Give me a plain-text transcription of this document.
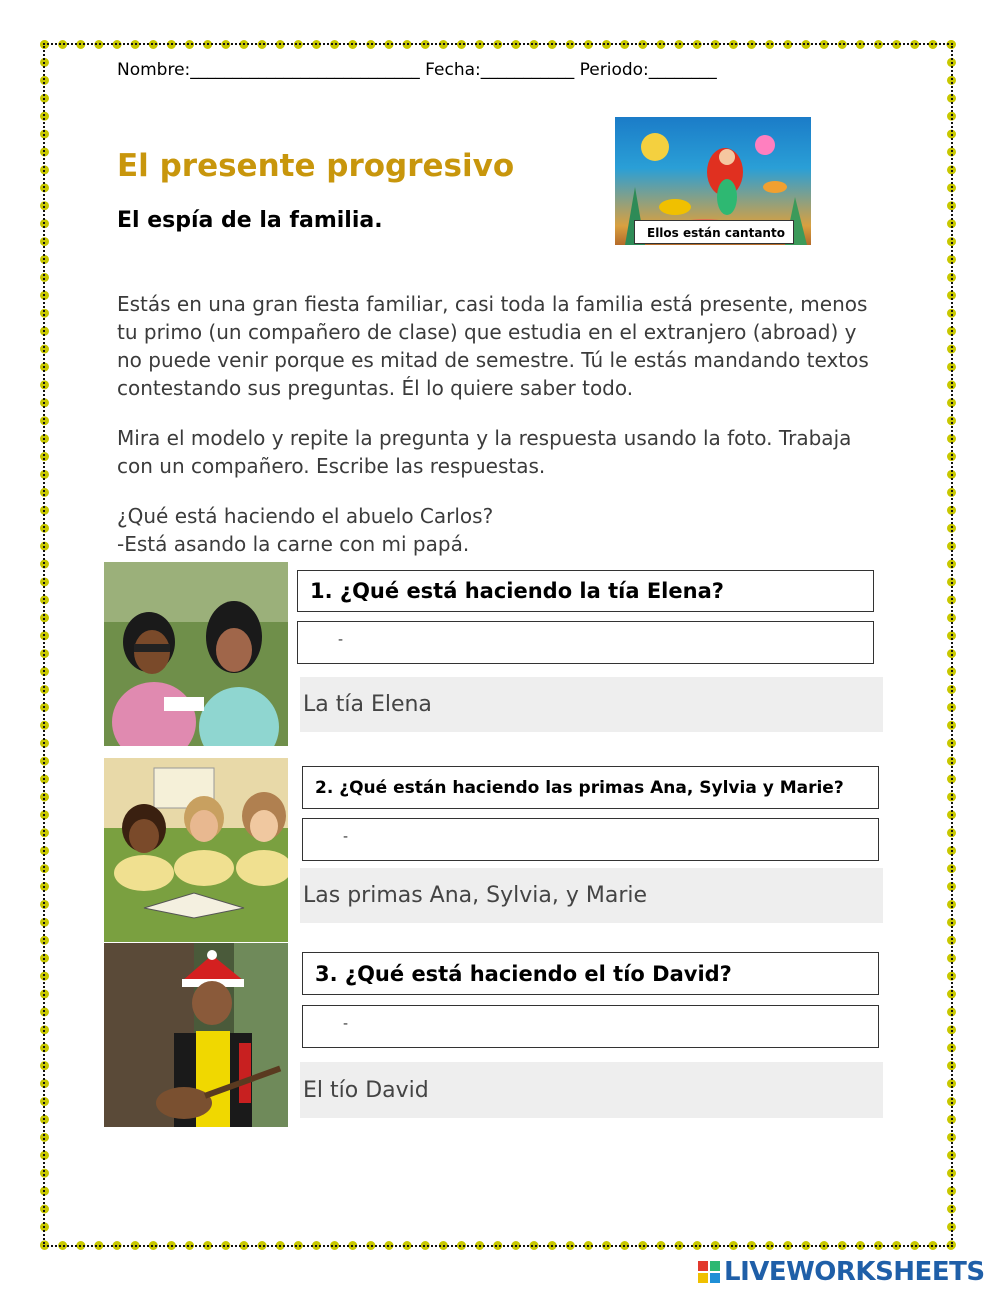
Nombre:___________________________ Fecha:___________ Periodo:________
El presente progresivo
El espía de la familia.	Ellos están cantanto
Estás en una gran fiesta familiar, casi toda la familia está presente, menos tu primo (un compañero de clase) que estudia en el extranjero (abroad) y no puede venir porque es mitad de semestre. Tú le estás mandando textos contestando sus preguntas. Él lo quiere saber todo.
Mira el modelo y repite la pregunta y la respuesta usando la foto. Trabaja con un compañero. Escribe las respuestas.
¿Qué está haciendo el abuelo Carlos?
-Está asando la carne con mi papá.
1. ¿Qué está haciendo la tía Elena?
-
La tía Elena
2. ¿Qué están haciendo las primas Ana, Sylvia y Marie?
-
Las primas Ana, Sylvia, y Marie
3. ¿Qué está haciendo el tío David?
-
El tío David
LIVEWORKSHEETS
